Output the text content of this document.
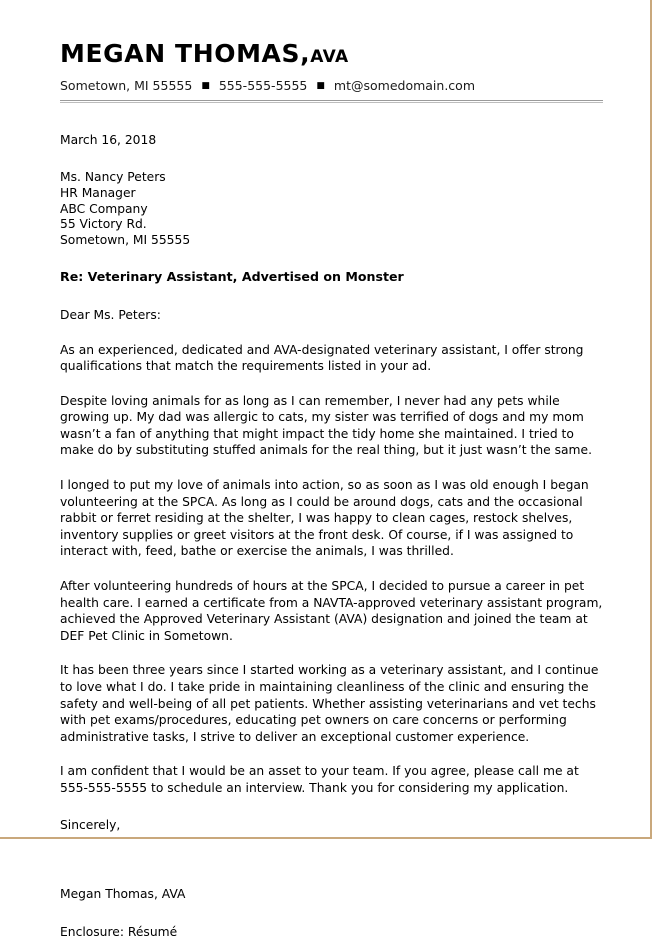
MEGAN THOMAS,AVA
Sometown, MI 55555 ■ 555-555-5555 ■ mt@somedomain.com
March 16, 2018
Ms. Nancy Peters
HR Manager
ABC Company
55 Victory Rd.
Sometown, MI 55555
Re: Veterinary Assistant, Advertised on Monster
Dear Ms. Peters:
As an experienced, dedicated and AVA-designated veterinary assistant, I offer strong qualifications that match the requirements listed in your ad.
Despite loving animals for as long as I can remember, I never had any pets while growing up. My dad was allergic to cats, my sister was terrified of dogs and my mom wasn’t a fan of anything that might impact the tidy home she maintained. I tried to make do by substituting stuffed animals for the real thing, but it just wasn’t the same.
I longed to put my love of animals into action, so as soon as I was old enough I began volunteering at the SPCA. As long as I could be around dogs, cats and the occasional rabbit or ferret residing at the shelter, I was happy to clean cages, restock shelves, inventory supplies or greet visitors at the front desk. Of course, if I was assigned to interact with, feed, bathe or exercise the animals, I was thrilled.
After volunteering hundreds of hours at the SPCA, I decided to pursue a career in pet health care. I earned a certificate from a NAVTA-approved veterinary assistant program, achieved the Approved Veterinary Assistant (AVA) designation and joined the team at DEF Pet Clinic in Sometown.
It has been three years since I started working as a veterinary assistant, and I continue to love what I do. I take pride in maintaining cleanliness of the clinic and ensuring the safety and well-being of all pet patients. Whether assisting veterinarians and vet techs with pet exams/procedures, educating pet owners on care concerns or performing administrative tasks, I strive to deliver an exceptional customer experience.
I am confident that I would be an asset to your team. If you agree, please call me at 555-555-5555 to schedule an interview. Thank you for considering my application.
Sincerely,
Megan Thomas, AVA
Enclosure: Résumé
